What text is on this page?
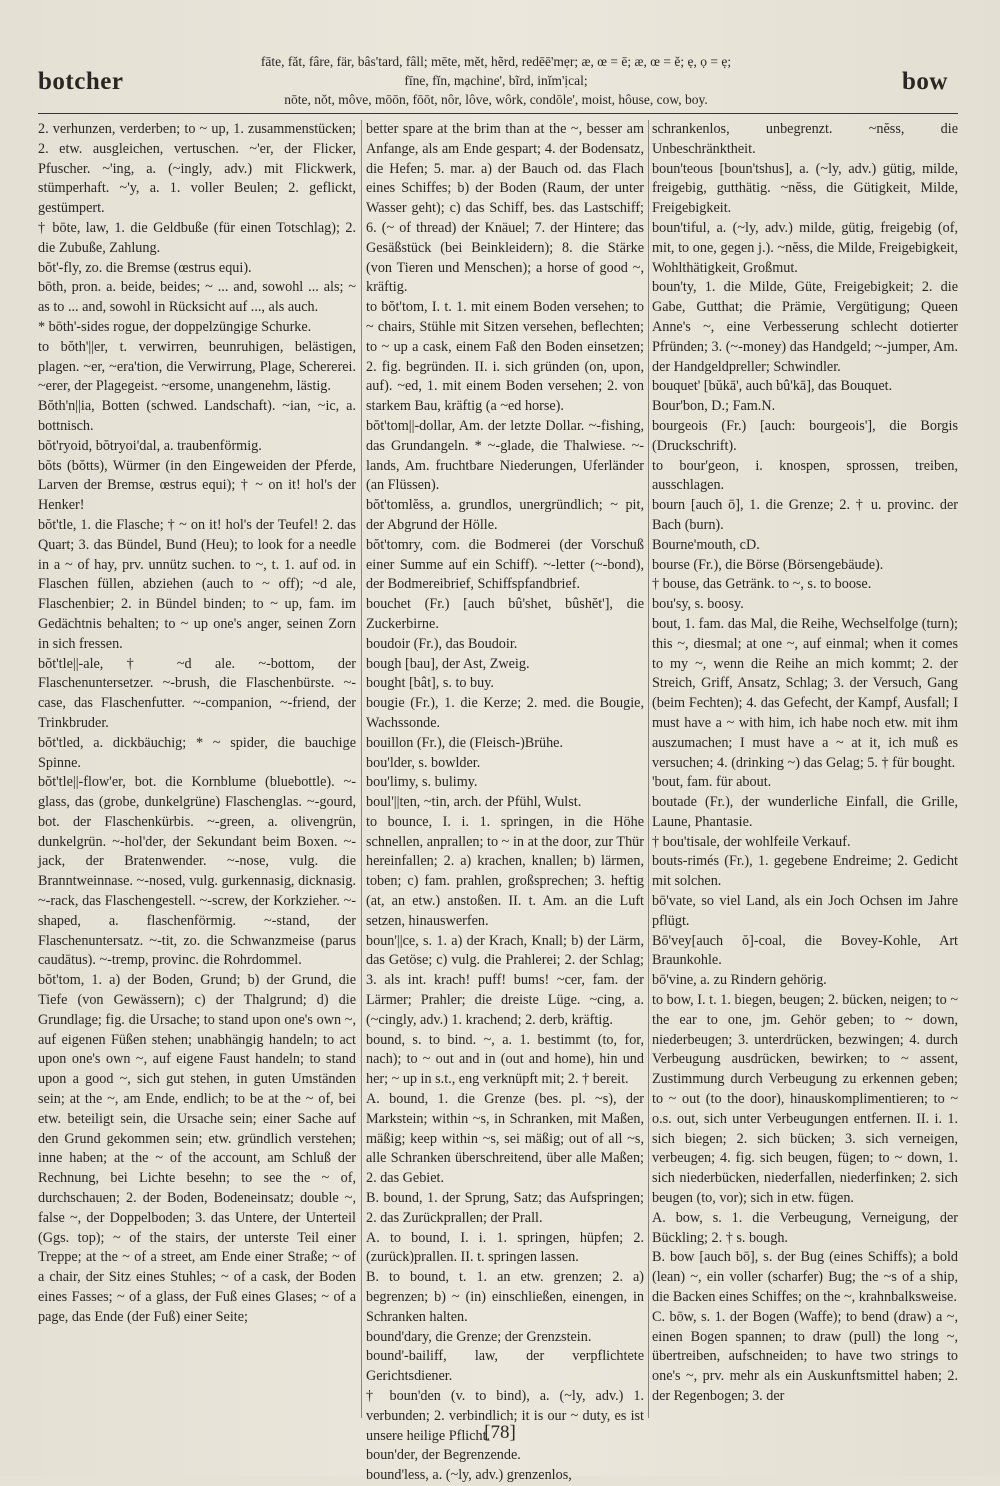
botcher	bow
fāte, făt, fâre, fär, bâs'tard, fâll; mēte, mĕt, hẽrd, redēē'mẹr; æ, œ = ē; æ, œ = ĕ; ẹ, ọ = ẹ;
fīne, fĭn, mạchine', bĩrd, inĭm'ịcal;
nōte, nŏt, môve, mōōn, fōōt, nôr, lôve, wôrk, condōle', moist, hôuse, cow, boy.

2. verhunzen, verderben; to ~ up, 1. zusammenstücken; 2. etw. ausgleichen, vertuschen. ~'er, der Flicker, Pfuscher. ~'ing, a. (~ingly, adv.) mit Flickwerk, stümperhaft. ~'y, a. 1. voller Beulen; 2. geflickt, gestümpert.

† bōte, law, 1. die Geldbuße (für einen Totschlag); 2. die Zubuße, Zahlung.

bŏt'-fly, zo. die Bremse (œstrus equi).

bōth, pron. a. beide, beides; ~ ... and, sowohl ... als; ~ as to ... and, sowohl in Rücksicht auf ..., als auch.

* bōth'-sides rogue, der doppelzüngige Schurke.

to bŏth'||er, t. verwirren, beunruhigen, belästigen, plagen. ~er, ~era'tion, die Verwirrung, Plage, Schererei. ~erer, der Plagegeist. ~ersome, unangenehm, lästig.

Bŏth'n||ia, Botten (schwed. Landschaft). ~ian, ~ic, a. bottnisch.

bŏt'ryoid, bŏtryoi'dal, a. traubenförmig.

bŏts (bŏtts), Würmer (in den Eingeweiden der Pferde, Larven der Bremse, œstrus equi); † ~ on it! hol's der Henker!

bŏt'tle, 1. die Flasche; † ~ on it! hol's der Teufel! 2. das Quart; 3. das Bündel, Bund (Heu); to look for a needle in a ~ of hay, prv. unnütz suchen. to ~, t. 1. auf od. in Flaschen füllen, abziehen (auch to ~ off); ~d ale, Flaschenbier; 2. in Bündel binden; to ~ up, fam. im Gedächtnis behalten; to ~ up one's anger, seinen Zorn in sich fressen.

bŏt'tle||-ale, † ~d ale. ~-bottom, der Flaschenuntersetzer. ~-brush, die Flaschenbürste. ~-case, das Flaschenfutter. ~-companion, ~-friend, der Trinkbruder.

bŏt'tled, a. dickbäuchig; * ~ spider, die bauchige Spinne.

bŏt'tle||-flow'er, bot. die Kornblume (bluebottle). ~-glass, das (grobe, dunkelgrüne) Flaschenglas. ~-gourd, bot. der Flaschenkürbis. ~-green, a. olivengrün, dunkelgrün. ~-hol'der, der Sekundant beim Boxen. ~-jack, der Bratenwender. ~-nose, vulg. die Branntweinnase. ~-nosed, vulg. gurkennasig, dicknasig. ~-rack, das Flaschengestell. ~-screw, der Korkzieher. ~-shaped, a. flaschenförmig. ~-stand, der Flaschenuntersatz. ~-tit, zo. die Schwanzmeise (parus caudātus). ~-tremp, provinc. die Rohrdommel.

bŏt'tom, 1. a) der Boden, Grund; b) der Grund, die Tiefe (von Gewässern); c) der Thalgrund; d) die Grundlage; fig. die Ursache; to stand upon one's own ~, auf eigenen Füßen stehen; unabhängig handeln; to act upon one's own ~, auf eigene Faust handeln; to stand upon a good ~, sich gut stehen, in guten Umständen sein; at the ~, am Ende, endlich; to be at the ~ of, bei etw. beteiligt sein, die Ursache sein; einer Sache auf den Grund gekommen sein; etw. gründlich verstehen; inne haben; at the ~ of the account, am Schluß der Rechnung, bei Lichte besehn; to see the ~ of, durchschauen; 2. der Boden, Bodeneinsatz; double ~, false ~, der Doppelboden; 3. das Untere, der Unterteil (Ggs. top); ~ of the stairs, der unterste Teil einer Treppe; at the ~ of a street, am Ende einer Straße; ~ of a chair, der Sitz eines Stuhles; ~ of a cask, der Boden eines Fasses; ~ of a glass, der Fuß eines Glases; ~ of a page, das Ende (der Fuß) einer Seite;

better spare at the brim than at the ~, besser am Anfange, als am Ende gespart; 4. der Bodensatz, die Hefen; 5. mar. a) der Bauch od. das Flach eines Schiffes; b) der Boden (Raum, der unter Wasser geht); c) das Schiff, bes. das Lastschiff; 6. (~ of thread) der Knäuel; 7. der Hintere; das Gesäßstück (bei Beinkleidern); 8. die Stärke (von Tieren und Menschen); a horse of good ~, kräftig.

to bŏt'tom, I. t. 1. mit einem Boden versehen; to ~ chairs, Stühle mit Sitzen versehen, beflechten; to ~ up a cask, einem Faß den Boden einsetzen; 2. fig. begründen. II. i. sich gründen (on, upon, auf). ~ed, 1. mit einem Boden versehen; 2. von starkem Bau, kräftig (a ~ed horse).

bŏt'tom||-dollar, Am. der letzte Dollar. ~-fishing, das Grundangeln. * ~-glade, die Thalwiese. ~-lands, Am. fruchtbare Niederungen, Uferländer (an Flüssen).

bŏt'tomlĕss, a. grundlos, unergründlich; ~ pit, der Abgrund der Hölle.

bŏt'tomry, com. die Bodmerei (der Vorschuß einer Summe auf ein Schiff). ~-letter (~-bond), der Bodmereibrief, Schiffspfandbrief.

bouchet (Fr.) [auch bû'shet, bûshĕt'], die Zuckerbirne.

boudoir (Fr.), das Boudoir.

bough [bau], der Ast, Zweig.

bought [bât], s. to buy.

bougie (Fr.), 1. die Kerze; 2. med. die Bougie, Wachssonde.

bouillon (Fr.), die (Fleisch-)Brühe.

bou'lder, s. bowlder.

bou'limy, s. bulimy.

boul'||ten, ~tin, arch. der Pfühl, Wulst.

to bounce, I. i. 1. springen, in die Höhe schnellen, anprallen; to ~ in at the door, zur Thür hereinfallen; 2. a) krachen, knallen; b) lärmen, toben; c) fam. prahlen, großsprechen; 3. heftig (at, an etw.) anstoßen. II. t. Am. an die Luft setzen, hinauswerfen.

boun'||ce, s. 1. a) der Krach, Knall; b) der Lärm, das Getöse; c) vulg. die Prahlerei; 2. der Schlag; 3. als int. krach! puff! bums! ~cer, fam. der Lärmer; Prahler; die dreiste Lüge. ~cing, a. (~cingly, adv.) 1. krachend; 2. derb, kräftig.

bound, s. to bind. ~, a. 1. bestimmt (to, for, nach); to ~ out and in (out and home), hin und her; ~ up in s.t., eng verknüpft mit; 2. † bereit.

A. bound, 1. die Grenze (bes. pl. ~s), der Markstein; within ~s, in Schranken, mit Maßen, mäßig; keep within ~s, sei mäßig; out of all ~s, alle Schranken überschreitend, über alle Maßen; 2. das Gebiet.

B. bound, 1. der Sprung, Satz; das Aufspringen; 2. das Zurückprallen; der Prall.

A. to bound, I. i. 1. springen, hüpfen; 2. (zurück)prallen. II. t. springen lassen.

B. to bound, t. 1. an etw. grenzen; 2. a) begrenzen; b) ~ (in) einschließen, einengen, in Schranken halten.

bound'dary, die Grenze; der Grenzstein.

bound'-bailiff, law, der verpflichtete Gerichtsdiener.

† boun'den (v. to bind), a. (~ly, adv.) 1. verbunden; 2. verbindlich; it is our ~ duty, es ist unsere heilige Pflicht.

boun'der, der Begrenzende.

bound'less, a. (~ly, adv.) grenzenlos,

schrankenlos, unbegrenzt. ~nĕss, die Unbeschränktheit.

boun'teous [boun'tshus], a. (~ly, adv.) gütig, milde, freigebig, gutthätig. ~nĕss, die Gütigkeit, Milde, Freigebigkeit.

boun'tiful, a. (~ly, adv.) milde, gütig, freigebig (of, mit, to one, gegen j.). ~nĕss, die Milde, Freigebigkeit, Wohlthätigkeit, Großmut.

boun'ty, 1. die Milde, Güte, Freigebigkeit; 2. die Gabe, Gutthat; die Prämie, Vergütigung; Queen Anne's ~, eine Verbesserung schlecht dotierter Pfründen; 3. (~-money) das Handgeld; ~-jumper, Am. der Handgeldpreller; Schwindler.

bouquet' [bŭkā', auch bû'kā], das Bouquet.

Bour'bon, D.; Fam.N.

bourgeois (Fr.) [auch: bourgeois'], die Borgis (Druckschrift).

to bour'geon, i. knospen, sprossen, treiben, ausschlagen.

bourn [auch ō], 1. die Grenze; 2. † u. provinc. der Bach (burn).

Bourne'mouth, cD.

bourse (Fr.), die Börse (Börsengebäude).

† bouse, das Getränk. to ~, s. to boose.

bou'sy, s. boosy.

bout, 1. fam. das Mal, die Reihe, Wechselfolge (turn); this ~, diesmal; at one ~, auf einmal; when it comes to my ~, wenn die Reihe an mich kommt; 2. der Streich, Griff, Ansatz, Schlag; 3. der Versuch, Gang (beim Fechten); 4. das Gefecht, der Kampf, Ausfall; I must have a ~ with him, ich habe noch etw. mit ihm auszumachen; I must have a ~ at it, ich muß es versuchen; 4. (drinking ~) das Gelag; 5. † für bought.

'bout, fam. für about.

boutade (Fr.), der wunderliche Einfall, die Grille, Laune, Phantasie.

† bou'tisale, der wohlfeile Verkauf.

bouts-rimés (Fr.), 1. gegebene Endreime; 2. Gedicht mit solchen.

bō'vate, so viel Land, als ein Joch Ochsen im Jahre pflügt.

Bō'vey[auch ŏ]-coal, die Bovey-Kohle, Art Braunkohle.

bō'vine, a. zu Rindern gehörig.

to bow, I. t. 1. biegen, beugen; 2. bücken, neigen; to ~ the ear to one, jm. Gehör geben; to ~ down, niederbeugen; 3. unterdrücken, bezwingen; 4. durch Verbeugung ausdrücken, bewirken; to ~ assent, Zustimmung durch Verbeugung zu erkennen geben; to ~ out (to the door), hinauskomplimentieren; to ~ o.s. out, sich unter Verbeugungen entfernen. II. i. 1. sich biegen; 2. sich bücken; 3. sich verneigen, verbeugen; 4. fig. sich beugen, fügen; to ~ down, 1. sich niederbücken, niederfallen, niederfinken; 2. sich beugen (to, vor); sich in etw. fügen.

A. bow, s. 1. die Verbeugung, Verneigung, der Bückling; 2. † s. bough.

B. bow [auch bō], s. der Bug (eines Schiffs); a bold (lean) ~, ein voller (scharfer) Bug; the ~s of a ship, die Backen eines Schiffes; on the ~, krahnbalksweise.

C. bōw, s. 1. der Bogen (Waffe); to bend (draw) a ~, einen Bogen spannen; to draw (pull) the long ~, übertreiben, aufschneiden; to have two strings to one's ~, prv. mehr als ein Auskunftsmittel haben; 2. der Regenbogen; 3. der

[78]
